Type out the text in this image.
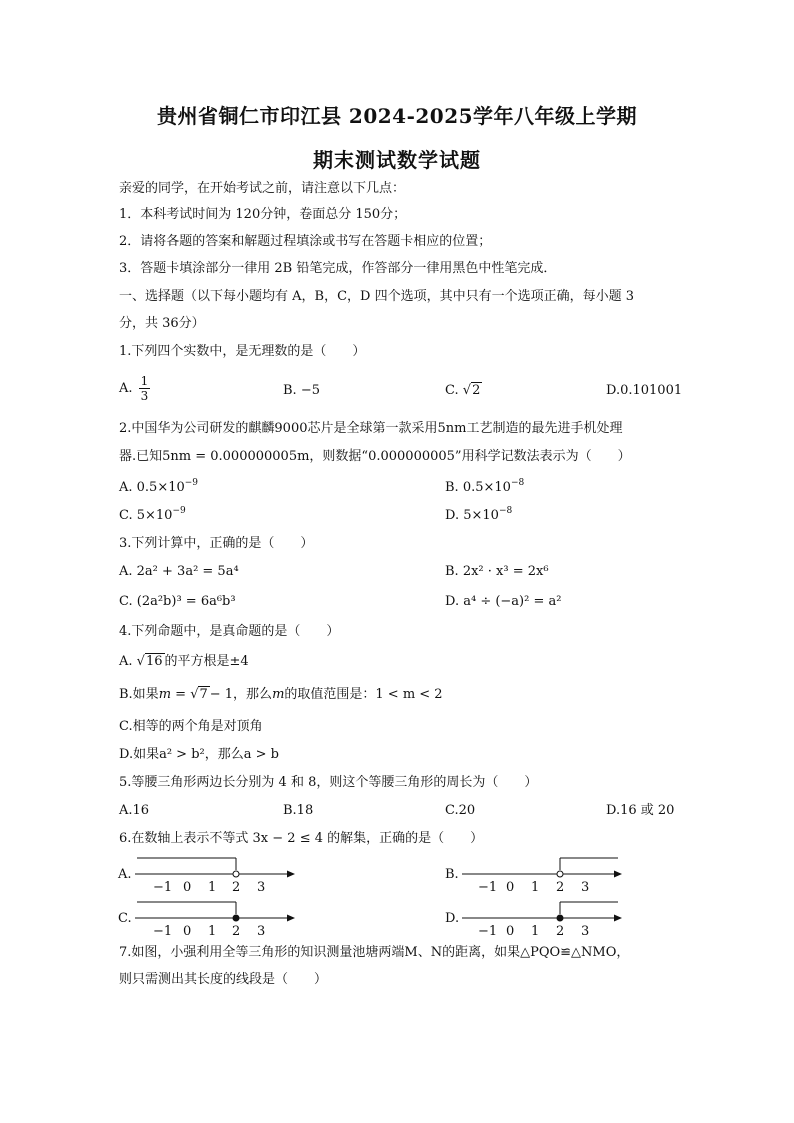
贵州省铜仁市印江县 2024-2025学年八年级上学期
期末测试数学试题
亲爱的同学，在开始考试之前，请注意以下几点：
1．本科考试时间为 120分钟，卷面总分 150分；
2．请将各题的答案和解题过程填涂或书写在答题卡相应的位置；
3．答题卡填涂部分一律用 2B 铅笔完成，作答部分一律用黑色中性笔完成．
一、选择题（以下每小题均有 A，B，C，D 四个选项，其中只有一个选项正确，每小题 3
分，共 36分）
1.下列四个实数中，是无理数的是（　　）
A. $\frac{1}{3}$	B. −5	C. √2	D.0.101001
2.中国华为公司研发的麒麟9000芯片是全球第一款采用5nm工艺制造的最先进手机处理
器.已知5nm = 0.000000005m，则数据“0.000000005”用科学记数法表示为（　　）
A. $0.5\times 10^{-9}$	B. $0.5\times 10^{-8}$
C. $5\times 10^{-9}$	D. $5\times 10^{-8}$
3.下列计算中，正确的是（　　）
A. 2a² + 3a² = 5a⁴	B. 2x² · x³ = 2x⁶
C. (2a²b)³ = 6a⁶b³	D. a⁴ ÷ (−a)² = a²
4.下列命题中，是真命题的是（　　）
A. √16 的平方根是±4
B.如果m = √7 − 1，那么m的取值范围是：1 < m < 2
C.相等的两个角是对顶角
D.如果a² > b²，那么a > b
5.等腰三角形两边长分别为 4 和 8，则这个等腰三角形的周长为（　　）
A.16	B.18	C.20	D.16 或 20
6.在数轴上表示不等式 3x − 2 ≤ 4 的解集，正确的是（　　）
A.
−1 0 1 2 3
B.
−1 0 1 2 3
C.
−1 0 1 2 3
D.
−1 0 1 2 3
7.如图，小强利用全等三角形的知识测量池塘两端M、N的距离，如果△PQO≌△NMO，
则只需测出其长度的线段是（　　）
